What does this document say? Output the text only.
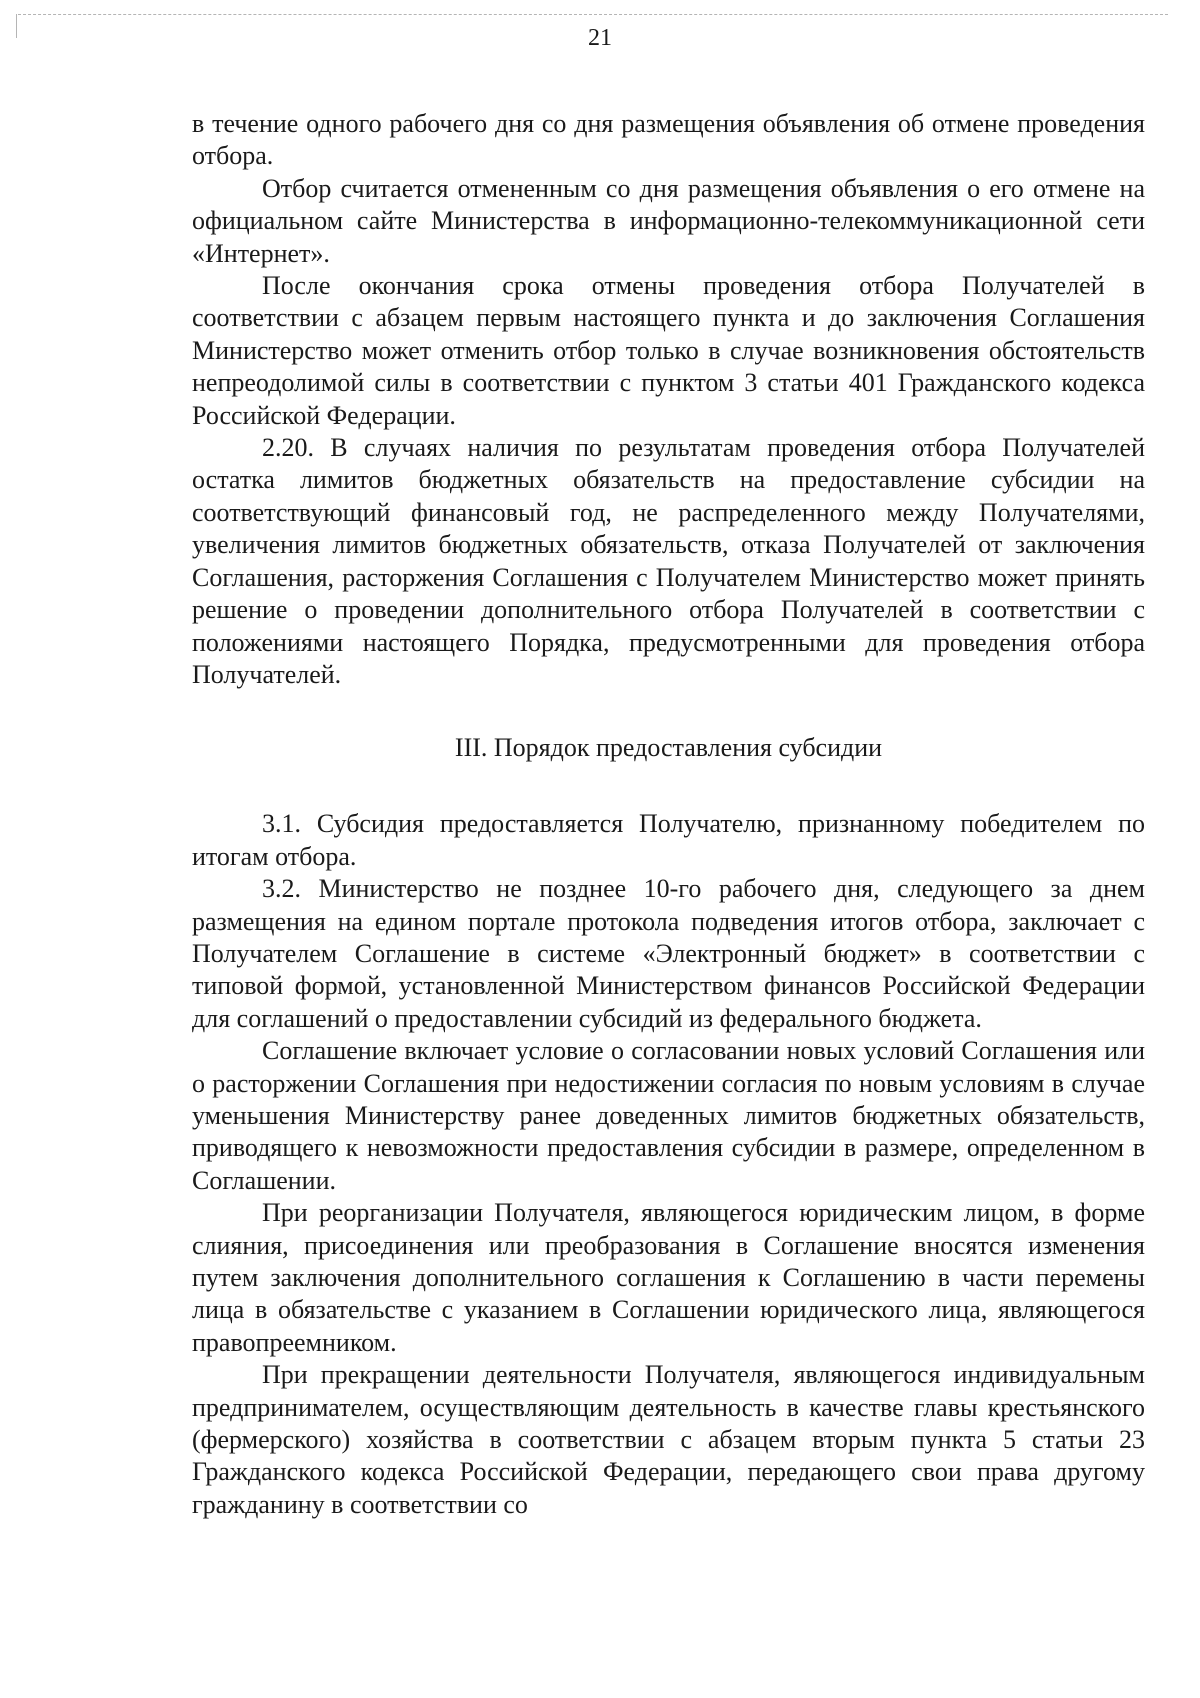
21

в течение одного рабочего дня со дня размещения объявления об отмене проведения отбора.

Отбор считается отмененным со дня размещения объявления о его отмене на официальном сайте Министерства в информационно-телекоммуникационной сети «Интернет».

После окончания срока отмены проведения отбора Получателей в соответствии с абзацем первым настоящего пункта и до заключения Соглашения Министерство может отменить отбор только в случае возникновения обстоятельств непреодолимой силы в соответствии с пунктом 3 статьи 401 Гражданского кодекса Российской Федерации.

2.20. В случаях наличия по результатам проведения отбора Получателей остатка лимитов бюджетных обязательств на предоставление субсидии на соответствующий финансовый год, не распределенного между Получателями, увеличения лимитов бюджетных обязательств, отказа Получателей от заключения Соглашения, расторжения Соглашения с Получателем Министерство может принять решение о проведении дополнительного отбора Получателей в соответствии с положениями настоящего Порядка, предусмотренными для проведения отбора Получателей.

III. Порядок предоставления субсидии

3.1. Субсидия предоставляется Получателю, признанному победителем по итогам отбора.

3.2. Министерство не позднее 10-го рабочего дня, следующего за днем размещения на едином портале протокола подведения итогов отбора, заключает с Получателем Соглашение в системе «Электронный бюджет» в соответствии с типовой формой, установленной Министерством финансов Российской Федерации для соглашений о предоставлении субсидий из федерального бюджета.

Соглашение включает условие о согласовании новых условий Соглашения или о расторжении Соглашения при недостижении согласия по новым условиям в случае уменьшения Министерству ранее доведенных лимитов бюджетных обязательств, приводящего к невозможности предоставления субсидии в размере, определенном в Соглашении.

При реорганизации Получателя, являющегося юридическим лицом, в форме слияния, присоединения или преобразования в Соглашение вносятся изменения путем заключения дополнительного соглашения к Соглашению в части перемены лица в обязательстве с указанием в Соглашении юридического лица, являющегося правопреемником.

При прекращении деятельности Получателя, являющегося индивидуальным предпринимателем, осуществляющим деятельность в качестве главы крестьянского (фермерского) хозяйства в соответствии с абзацем вторым пункта 5 статьи 23 Гражданского кодекса Российской Федерации, передающего свои права другому гражданину в соответствии со
